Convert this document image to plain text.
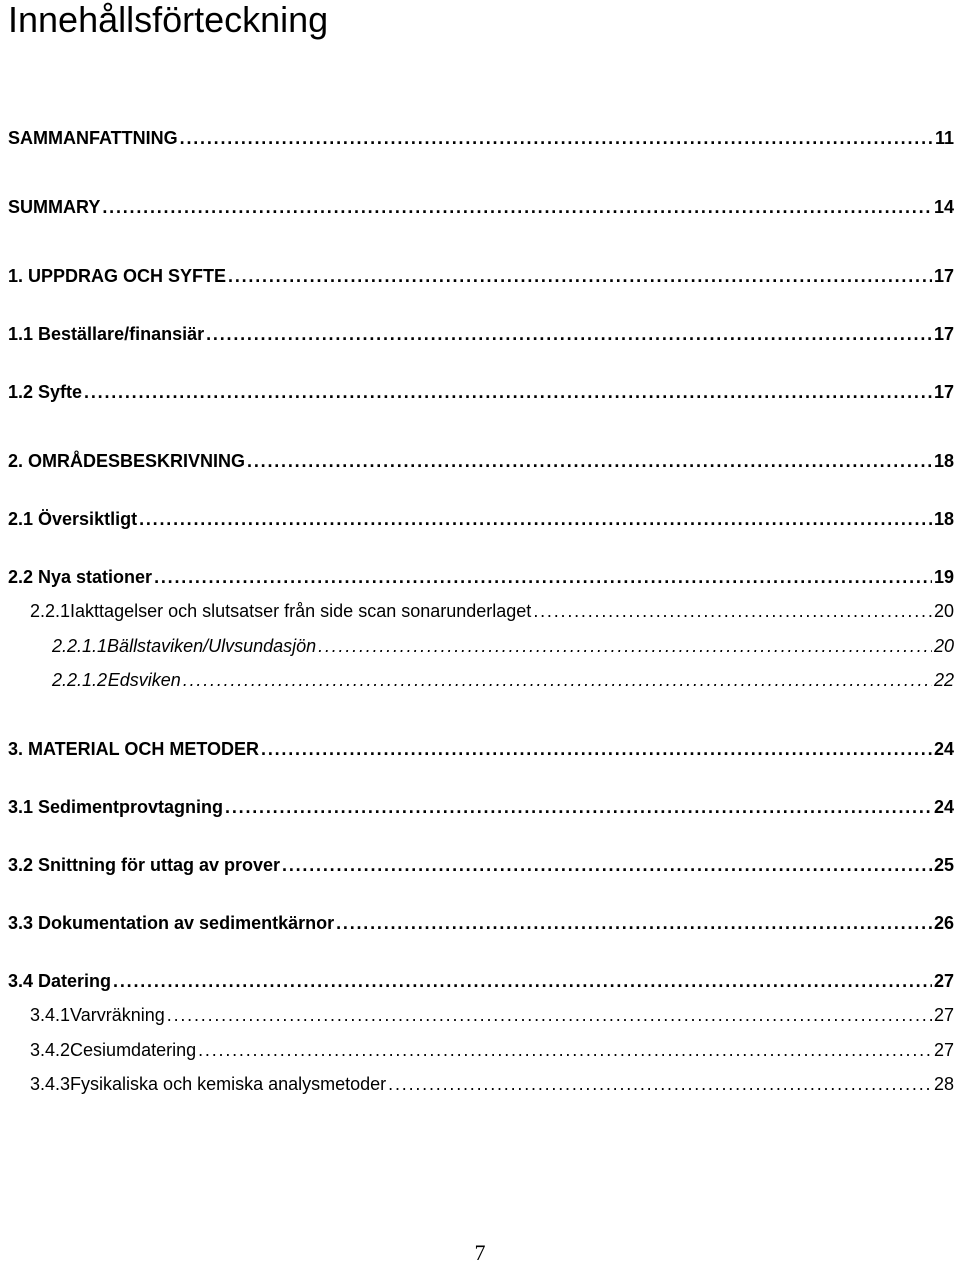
Innehållsförteckning
SAMMANFATTNING . . .	11
SUMMARY . . .	14
1. UPPDRAG OCH SYFTE . . .	17
1.1 Beställare/finansiär . . .	17
1.2 Syfte . . .	17
2. OMRÅDESBESKRIVNING . . .	18
2.1 Översiktligt . . .	18
2.2 Nya stationer . . .	19
2.2.1 Iakttagelser och slutsatser från side scan sonarunderlaget . . .	20
2.2.1.1 Bällstaviken/Ulvsundasjön . . .	20
2.2.1.2 Edsviken . . .	22
3. MATERIAL OCH METODER . . .	24
3.1 Sedimentprovtagning . . .	24
3.2 Snittning för uttag av prover . . .	25
3.3 Dokumentation av sedimentkärnor . . .	26
3.4 Datering . . .	27
3.4.1 Varvräkning . . .	27
3.4.2 Cesiumdatering . . .	27
3.4.3 Fysikaliska och kemiska analysmetoder . . .	28
7
